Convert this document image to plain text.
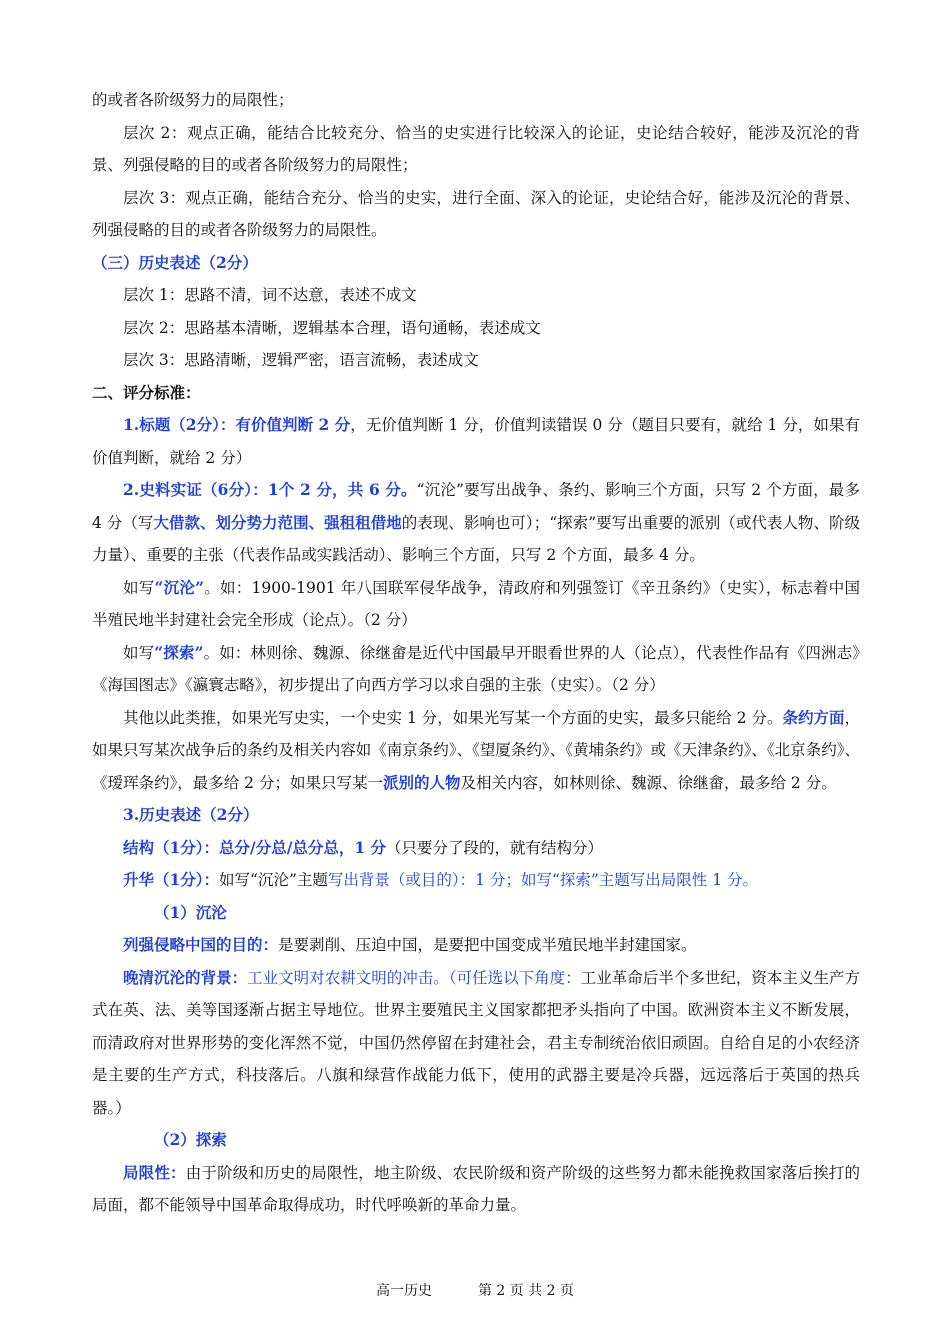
的或者各阶级努力的局限性；

层次 2：观点正确，能结合比较充分、恰当的史实进行比较深入的论证，史论结合较好，能涉及沉沦的背景、列强侵略的目的或者各阶级努力的局限性；

层次 3：观点正确，能结合充分、恰当的史实，进行全面、深入的论证，史论结合好，能涉及沉沦的背景、列强侵略的目的或者各阶级努力的局限性。

（三）历史表述（2分）

层次 1：思路不清，词不达意，表述不成文

层次 2：思路基本清晰，逻辑基本合理，语句通畅，表述成文

层次 3：思路清晰，逻辑严密，语言流畅，表述成文

二、评分标准：

1.标题（2分）：有价值判断 2 分，无价值判断 1 分，价值判读错误 0 分（题目只要有，就给 1 分，如果有价值判断，就给 2 分）

2.史料实证（6分）：1个 2 分，共 6 分。“沉沦”要写出战争、条约、影响三个方面，只写 2 个方面，最多 4 分（写大借款、划分势力范围、强租租借地的表现、影响也可）；“探索”要写出重要的派别（或代表人物、阶级力量）、重要的主张（代表作品或实践活动）、影响三个方面，只写 2 个方面，最多 4 分。

如写“沉沦”。如：1900-1901 年八国联军侵华战争，清政府和列强签订《辛丑条约》（史实），标志着中国半殖民地半封建社会完全形成（论点）。（2 分）

如写“探索”。如：林则徐、魏源、徐继畲是近代中国最早开眼看世界的人（论点），代表性作品有《四洲志》《海国图志》《瀛寰志略》，初步提出了向西方学习以求自强的主张（史实）。（2 分）

其他以此类推，如果光写史实，一个史实 1 分，如果光写某一个方面的史实，最多只能给 2 分。条约方面，如果只写某次战争后的条约及相关内容如《南京条约》、《望厦条约》、《黄埔条约》或《天津条约》、《北京条约》、《瑷珲条约》，最多给 2 分；如果只写某一派别的人物及相关内容，如林则徐、魏源、徐继畲，最多给 2 分。

3.历史表述（2分）

结构（1分）：总分/分总/总分总，1 分（只要分了段的，就有结构分）

升华（1分）：如写“沉沦”主题写出背景（或目的）：1 分；如写“探索”主题写出局限性 1 分。

（1）沉沦

列强侵略中国的目的：是要剥削、压迫中国，是要把中国变成半殖民地半封建国家。

晚清沉沦的背景：工业文明对农耕文明的冲击。（可任选以下角度：工业革命后半个多世纪，资本主义生产方式在英、法、美等国逐渐占据主导地位。世界主要殖民主义国家都把矛头指向了中国。欧洲资本主义不断发展，而清政府对世界形势的变化浑然不觉，中国仍然停留在封建社会，君主专制统治依旧顽固。自给自足的小农经济是主要的生产方式，科技落后。八旗和绿营作战能力低下，使用的武器主要是冷兵器，远远落后于英国的热兵器。）

（2）探索

局限性：由于阶级和历史的局限性，地主阶级、农民阶级和资产阶级的这些努力都未能挽救国家落后挨打的局面，都不能领导中国革命取得成功，时代呼唤新的革命力量。

高一历史	第 2 页 共 2 页
